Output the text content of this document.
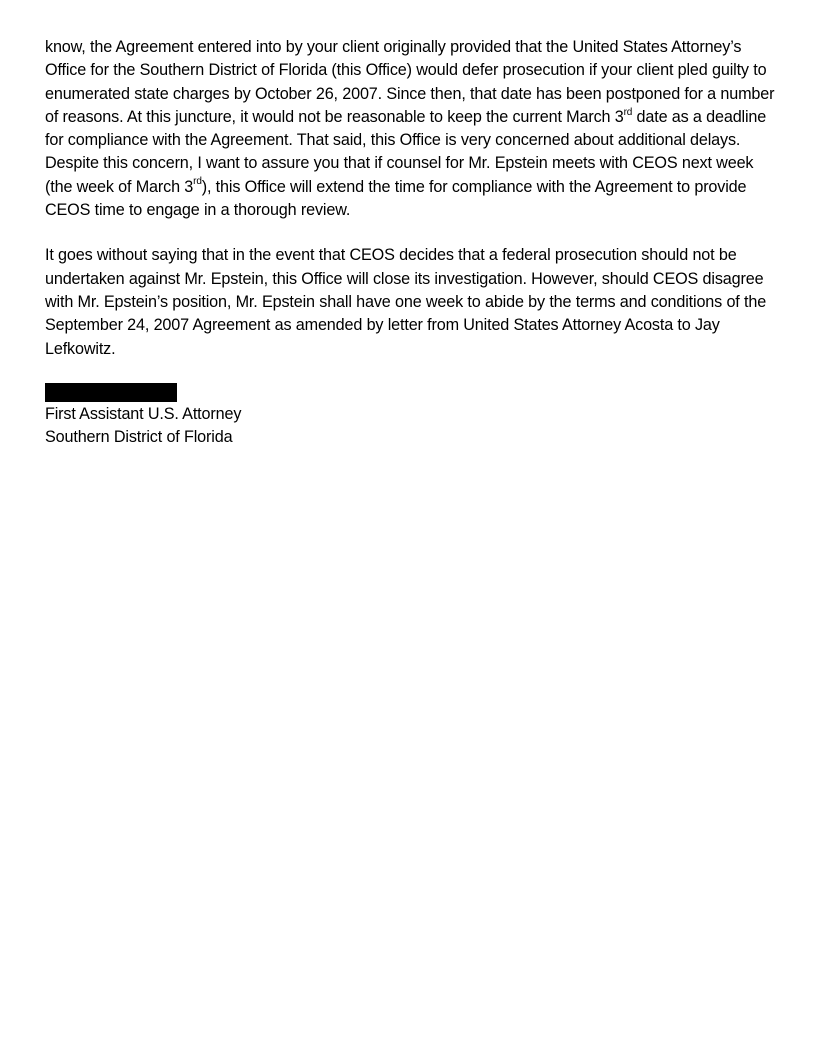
know, the Agreement entered into by your client originally provided that the United States Attorney’s Office for the Southern District of Florida (this Office) would defer prosecution if your client pled guilty to enumerated state charges by October 26, 2007. Since then, that date has been postponed for a number of reasons. At this juncture, it would not be reasonable to keep the current March 3rd date as a deadline for compliance with the Agreement. That said, this Office is very concerned about additional delays. Despite this concern, I want to assure you that if counsel for Mr. Epstein meets with CEOS next week (the week of March 3rd), this Office will extend the time for compliance with the Agreement to provide CEOS time to engage in a thorough review.

It goes without saying that in the event that CEOS decides that a federal prosecution should not be undertaken against Mr. Epstein, this Office will close its investigation. However, should CEOS disagree with Mr. Epstein’s position, Mr. Epstein shall have one week to abide by the terms and conditions of the September 24, 2007 Agreement as amended by letter from United States Attorney Acosta to Jay Lefkowitz.

First Assistant U.S. Attorney
Southern District of Florida
